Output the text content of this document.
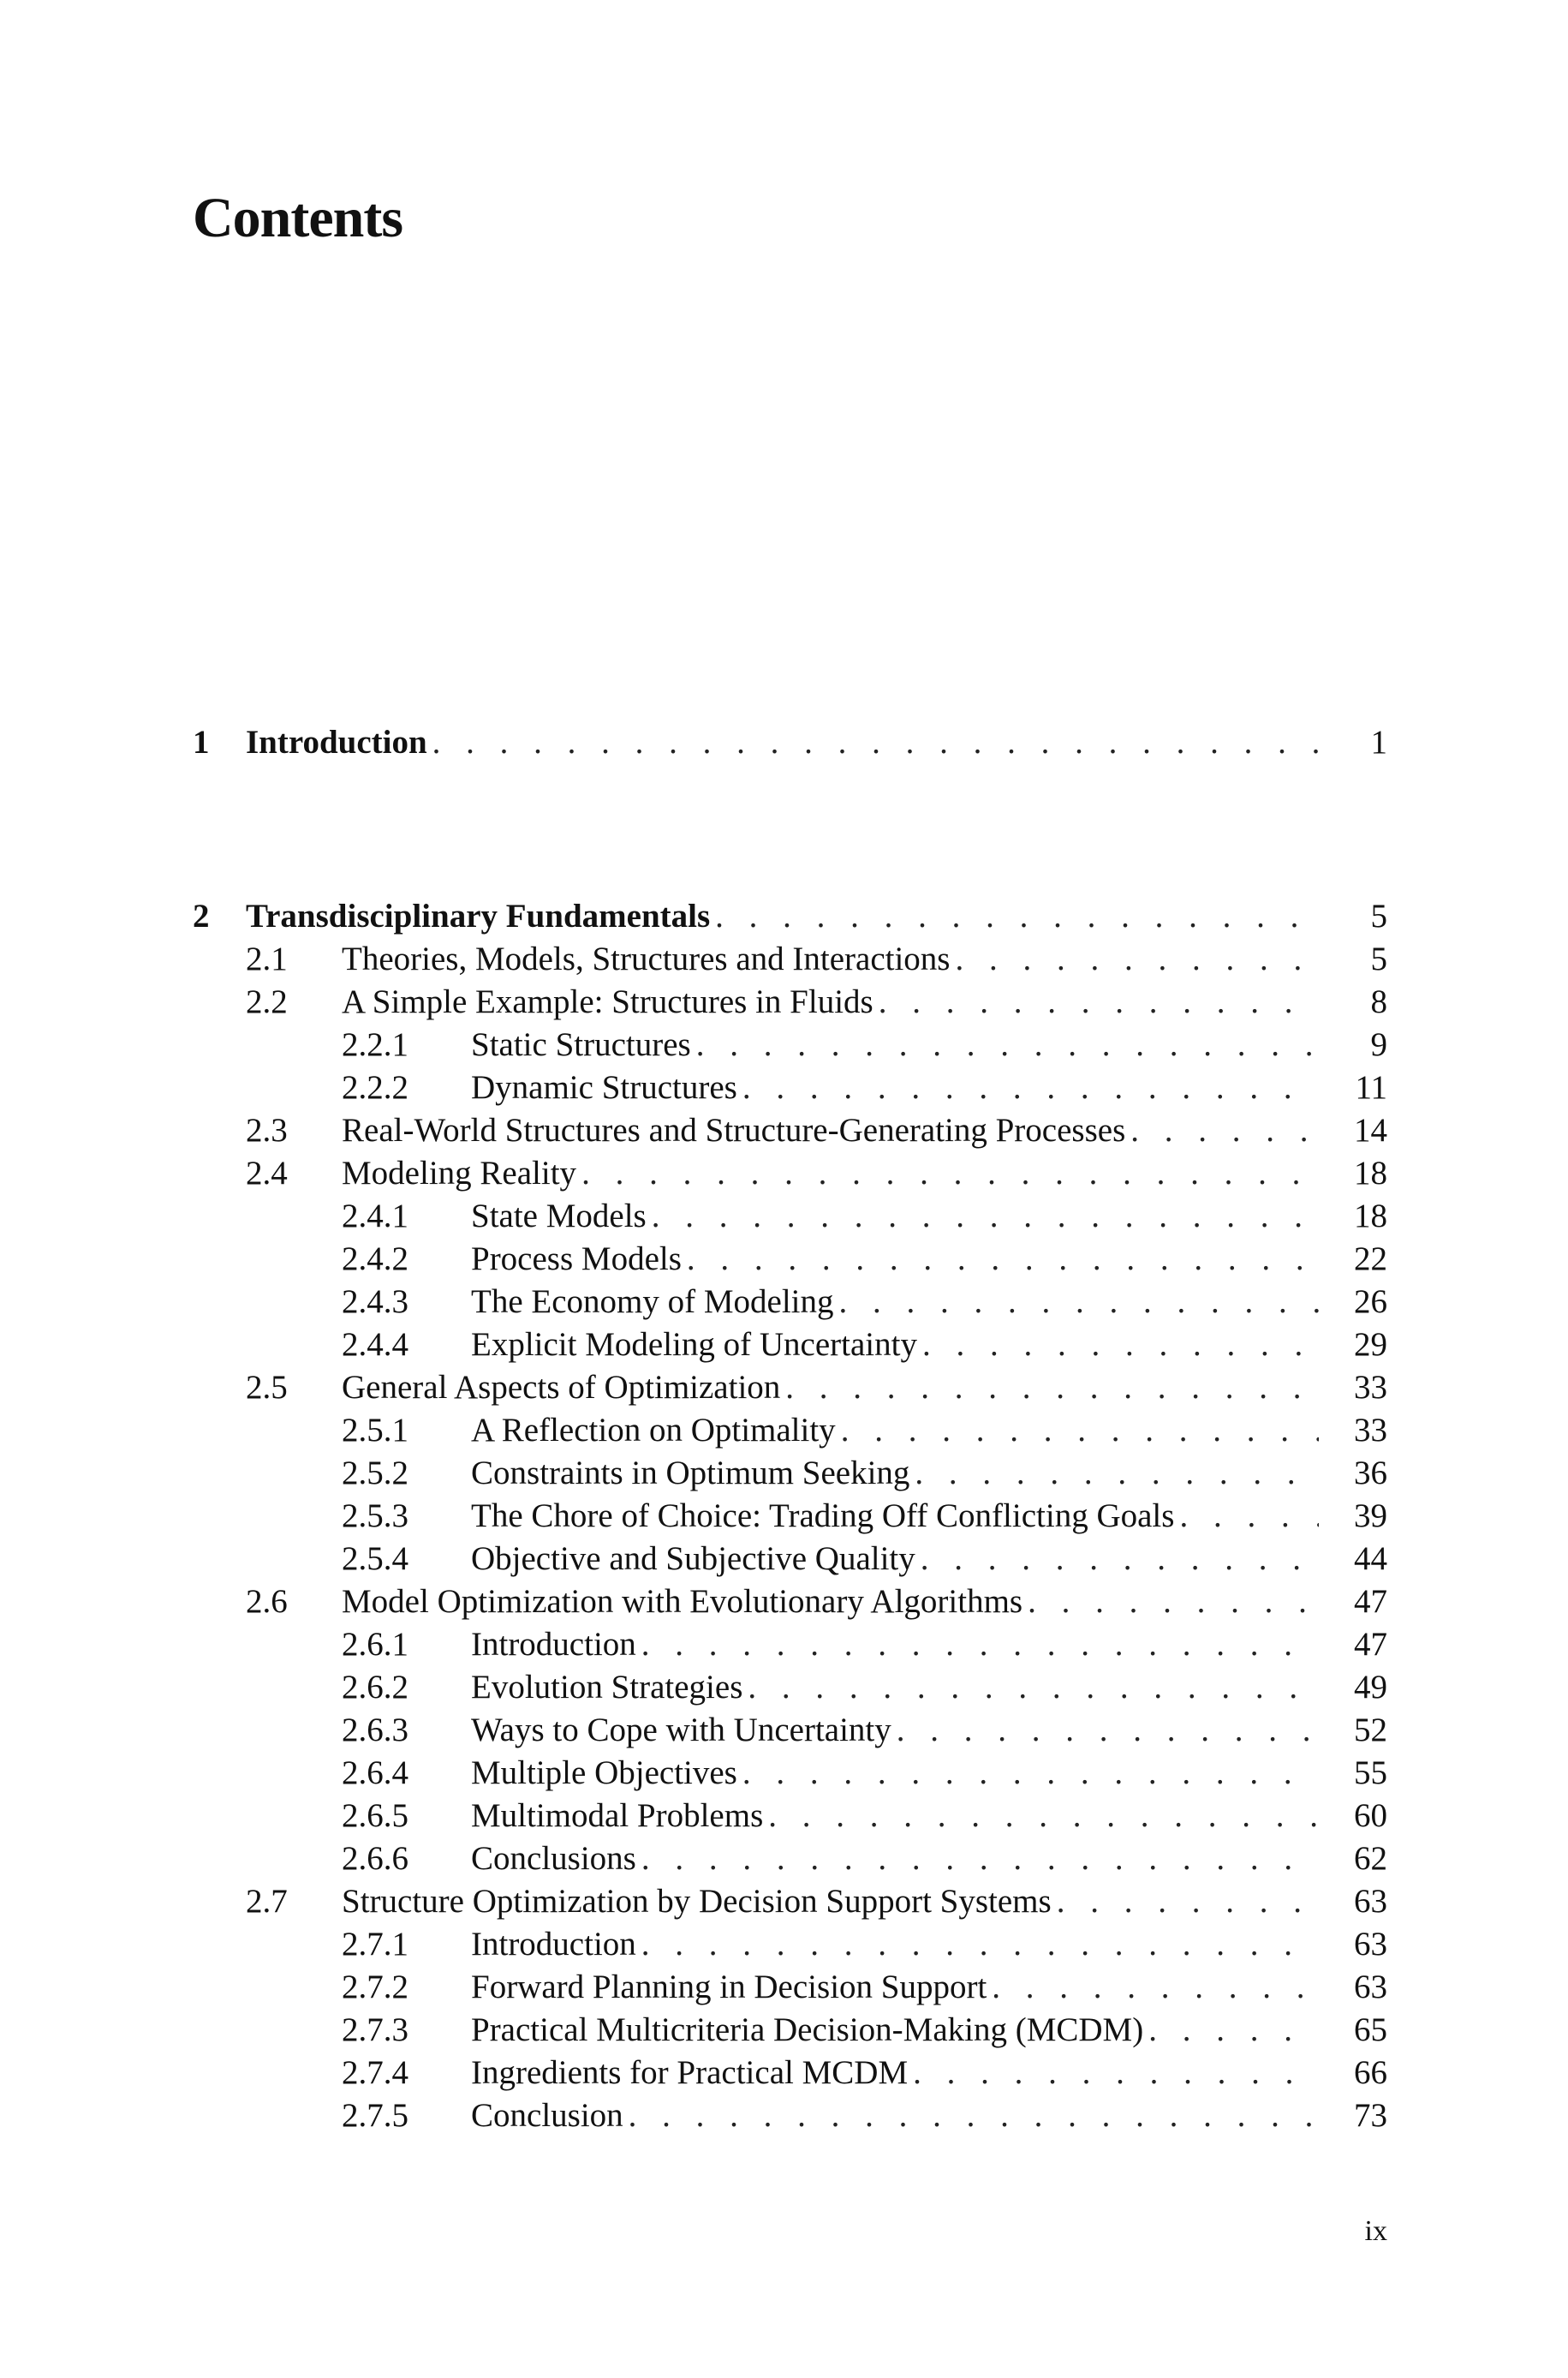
Contents
1 Introduction . . .	1
2 Transdisciplinary Fundamentals . . .	5
2.1 Theories, Models, Structures and Interactions . . .	5
2.2 A Simple Example: Structures in Fluids . . .	8
2.2.1 Static Structures . . .	9
2.2.2 Dynamic Structures . . .	11
2.3 Real-World Structures and Structure-Generating Processes . . .	14
2.4 Modeling Reality . . .	18
2.4.1 State Models . . .	18
2.4.2 Process Models . . .	22
2.4.3 The Economy of Modeling . . .	26
2.4.4 Explicit Modeling of Uncertainty . . .	29
2.5 General Aspects of Optimization . . .	33
2.5.1 A Reflection on Optimality . . .	33
2.5.2 Constraints in Optimum Seeking . . .	36
2.5.3 The Chore of Choice: Trading Off Conflicting Goals . . .	39
2.5.4 Objective and Subjective Quality . . .	44
2.6 Model Optimization with Evolutionary Algorithms . . .	47
2.6.1 Introduction . . .	47
2.6.2 Evolution Strategies . . .	49
2.6.3 Ways to Cope with Uncertainty . . .	52
2.6.4 Multiple Objectives . . .	55
2.6.5 Multimodal Problems . . .	60
2.6.6 Conclusions . . .	62
2.7 Structure Optimization by Decision Support Systems . . .	63
2.7.1 Introduction . . .	63
2.7.2 Forward Planning in Decision Support . . .	63
2.7.3 Practical Multicriteria Decision-Making (MCDM) . . .	65
2.7.4 Ingredients for Practical MCDM . . .	66
2.7.5 Conclusion . . .	73
ix
